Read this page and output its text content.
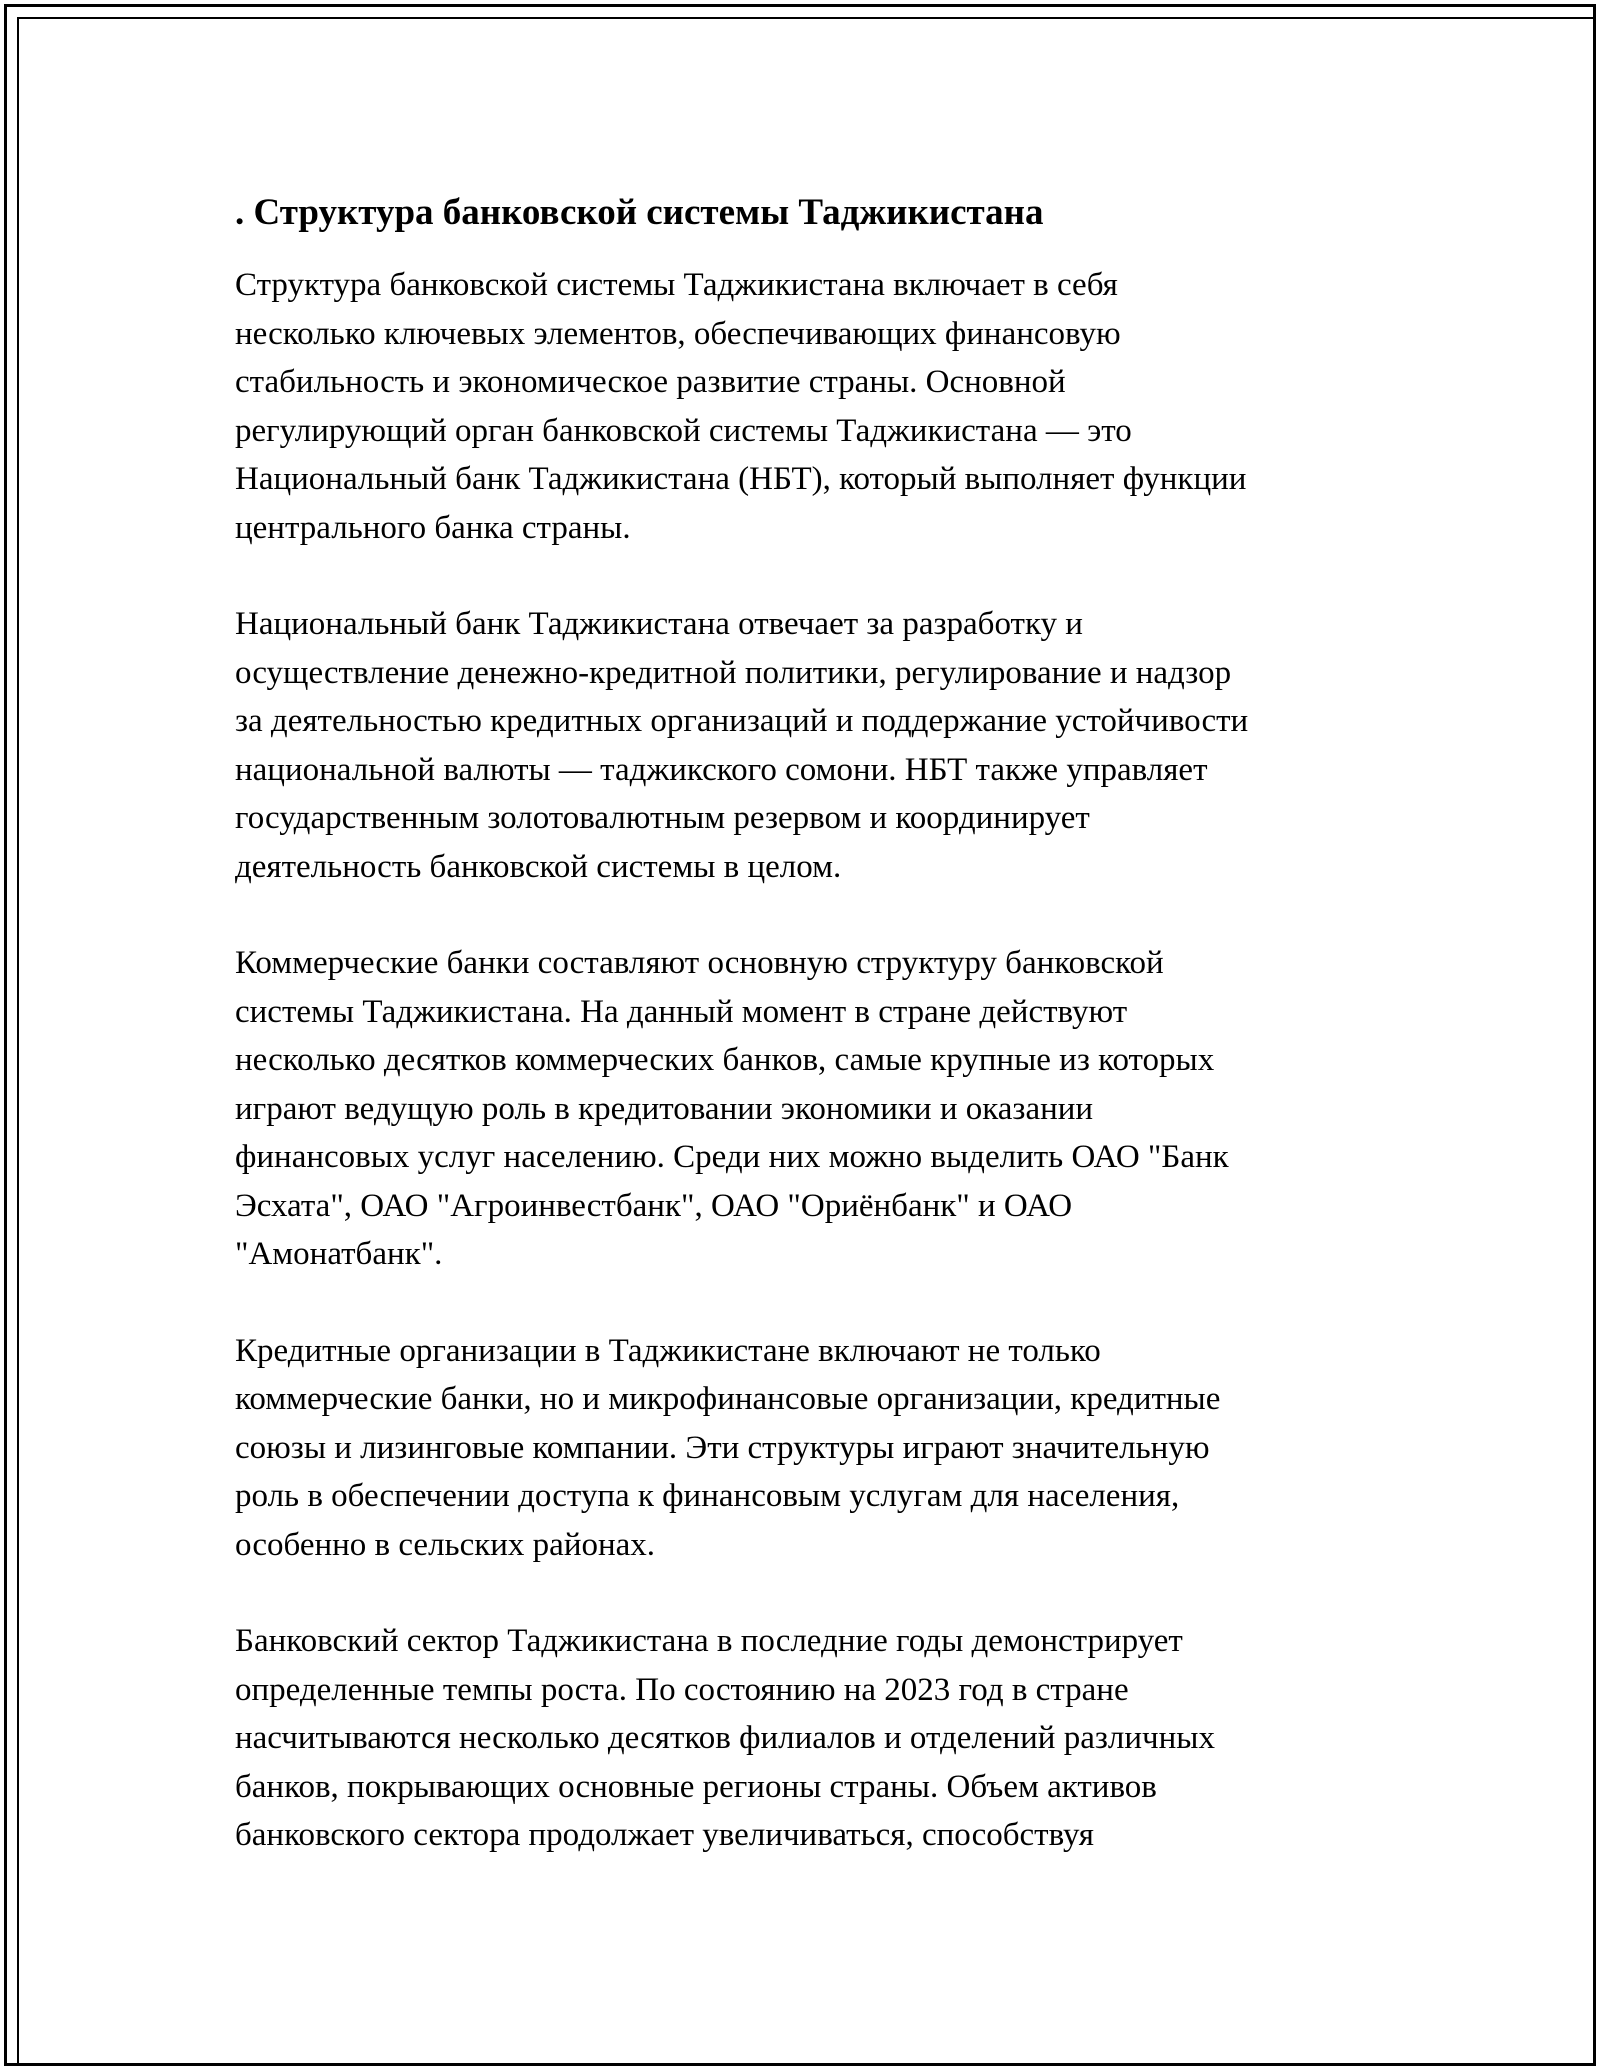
. Структура банковской системы Таджикистана

Структура банковской системы Таджикистана включает в себя
несколько ключевых элементов, обеспечивающих финансовую
стабильность и экономическое развитие страны. Основной
регулирующий орган банковской системы Таджикистана — это
Национальный банк Таджикистана (НБТ), который выполняет функции
центрального банка страны.

Национальный банк Таджикистана отвечает за разработку и
осуществление денежно-кредитной политики, регулирование и надзор
за деятельностью кредитных организаций и поддержание устойчивости
национальной валюты — таджикского сомони. НБТ также управляет
государственным золотовалютным резервом и координирует
деятельность банковской системы в целом.

Коммерческие банки составляют основную структуру банковской
системы Таджикистана. На данный момент в стране действуют
несколько десятков коммерческих банков, самые крупные из которых
играют ведущую роль в кредитовании экономики и оказании
финансовых услуг населению. Среди них можно выделить ОАО "Банк
Эсхата", ОАО "Агроинвестбанк", ОАО "Ориёнбанк" и ОАО
"Амонатбанк".

Кредитные организации в Таджикистане включают не только
коммерческие банки, но и микрофинансовые организации, кредитные
союзы и лизинговые компании. Эти структуры играют значительную
роль в обеспечении доступа к финансовым услугам для населения,
особенно в сельских районах.

Банковский сектор Таджикистана в последние годы демонстрирует
определенные темпы роста. По состоянию на 2023 год в стране
насчитываются несколько десятков филиалов и отделений различных
банков, покрывающих основные регионы страны. Объем активов
банковского сектора продолжает увеличиваться, способствуя
